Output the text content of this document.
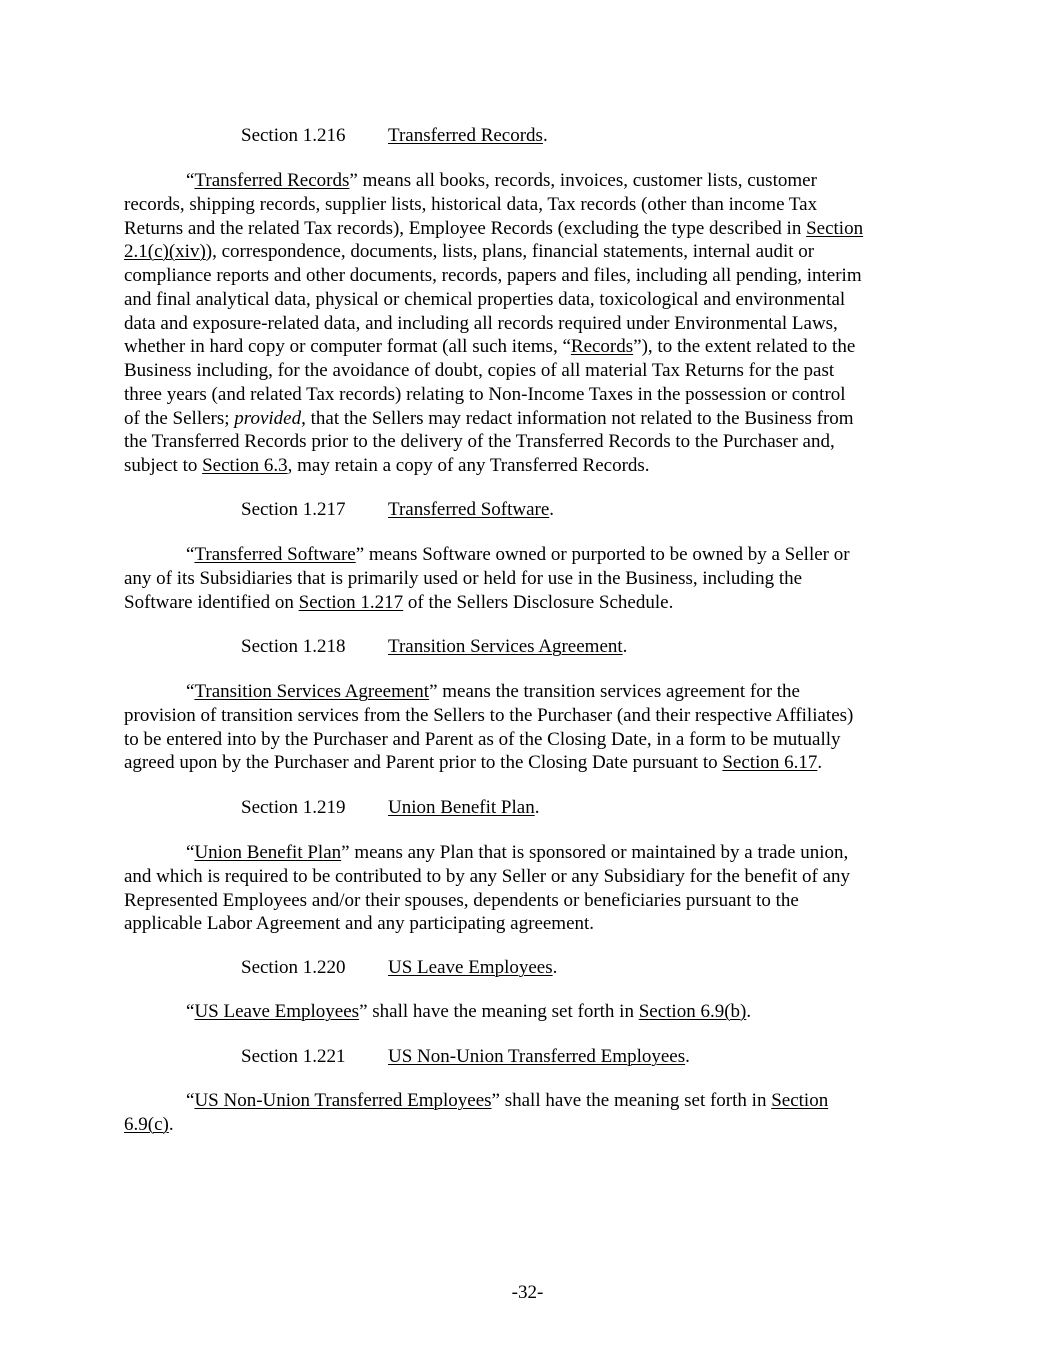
Section 1.216 Transferred Records.
“Transferred Records” means all books, records, invoices, customer lists, customer
records, shipping records, supplier lists, historical data, Tax records (other than income Tax
Returns and the related Tax records), Employee Records (excluding the type described in Section
2.1(c)(xiv)), correspondence, documents, lists, plans, financial statements, internal audit or
compliance reports and other documents, records, papers and files, including all pending, interim
and final analytical data, physical or chemical properties data, toxicological and environmental
data and exposure-related data, and including all records required under Environmental Laws,
whether in hard copy or computer format (all such items, “Records”), to the extent related to the
Business including, for the avoidance of doubt, copies of all material Tax Returns for the past
three years (and related Tax records) relating to Non-Income Taxes in the possession or control
of the Sellers; provided, that the Sellers may redact information not related to the Business from
the Transferred Records prior to the delivery of the Transferred Records to the Purchaser and,
subject to Section 6.3, may retain a copy of any Transferred Records.
Section 1.217 Transferred Software.
“Transferred Software” means Software owned or purported to be owned by a Seller or
any of its Subsidiaries that is primarily used or held for use in the Business, including the
Software identified on Section 1.217 of the Sellers Disclosure Schedule.
Section 1.218 Transition Services Agreement.
“Transition Services Agreement” means the transition services agreement for the
provision of transition services from the Sellers to the Purchaser (and their respective Affiliates)
to be entered into by the Purchaser and Parent as of the Closing Date, in a form to be mutually
agreed upon by the Purchaser and Parent prior to the Closing Date pursuant to Section 6.17.
Section 1.219 Union Benefit Plan.
“Union Benefit Plan” means any Plan that is sponsored or maintained by a trade union,
and which is required to be contributed to by any Seller or any Subsidiary for the benefit of any
Represented Employees and/or their spouses, dependents or beneficiaries pursuant to the
applicable Labor Agreement and any participating agreement.
Section 1.220 US Leave Employees.
“US Leave Employees” shall have the meaning set forth in Section 6.9(b).
Section 1.221 US Non-Union Transferred Employees.
“US Non-Union Transferred Employees” shall have the meaning set forth in Section
6.9(c).
-32-
